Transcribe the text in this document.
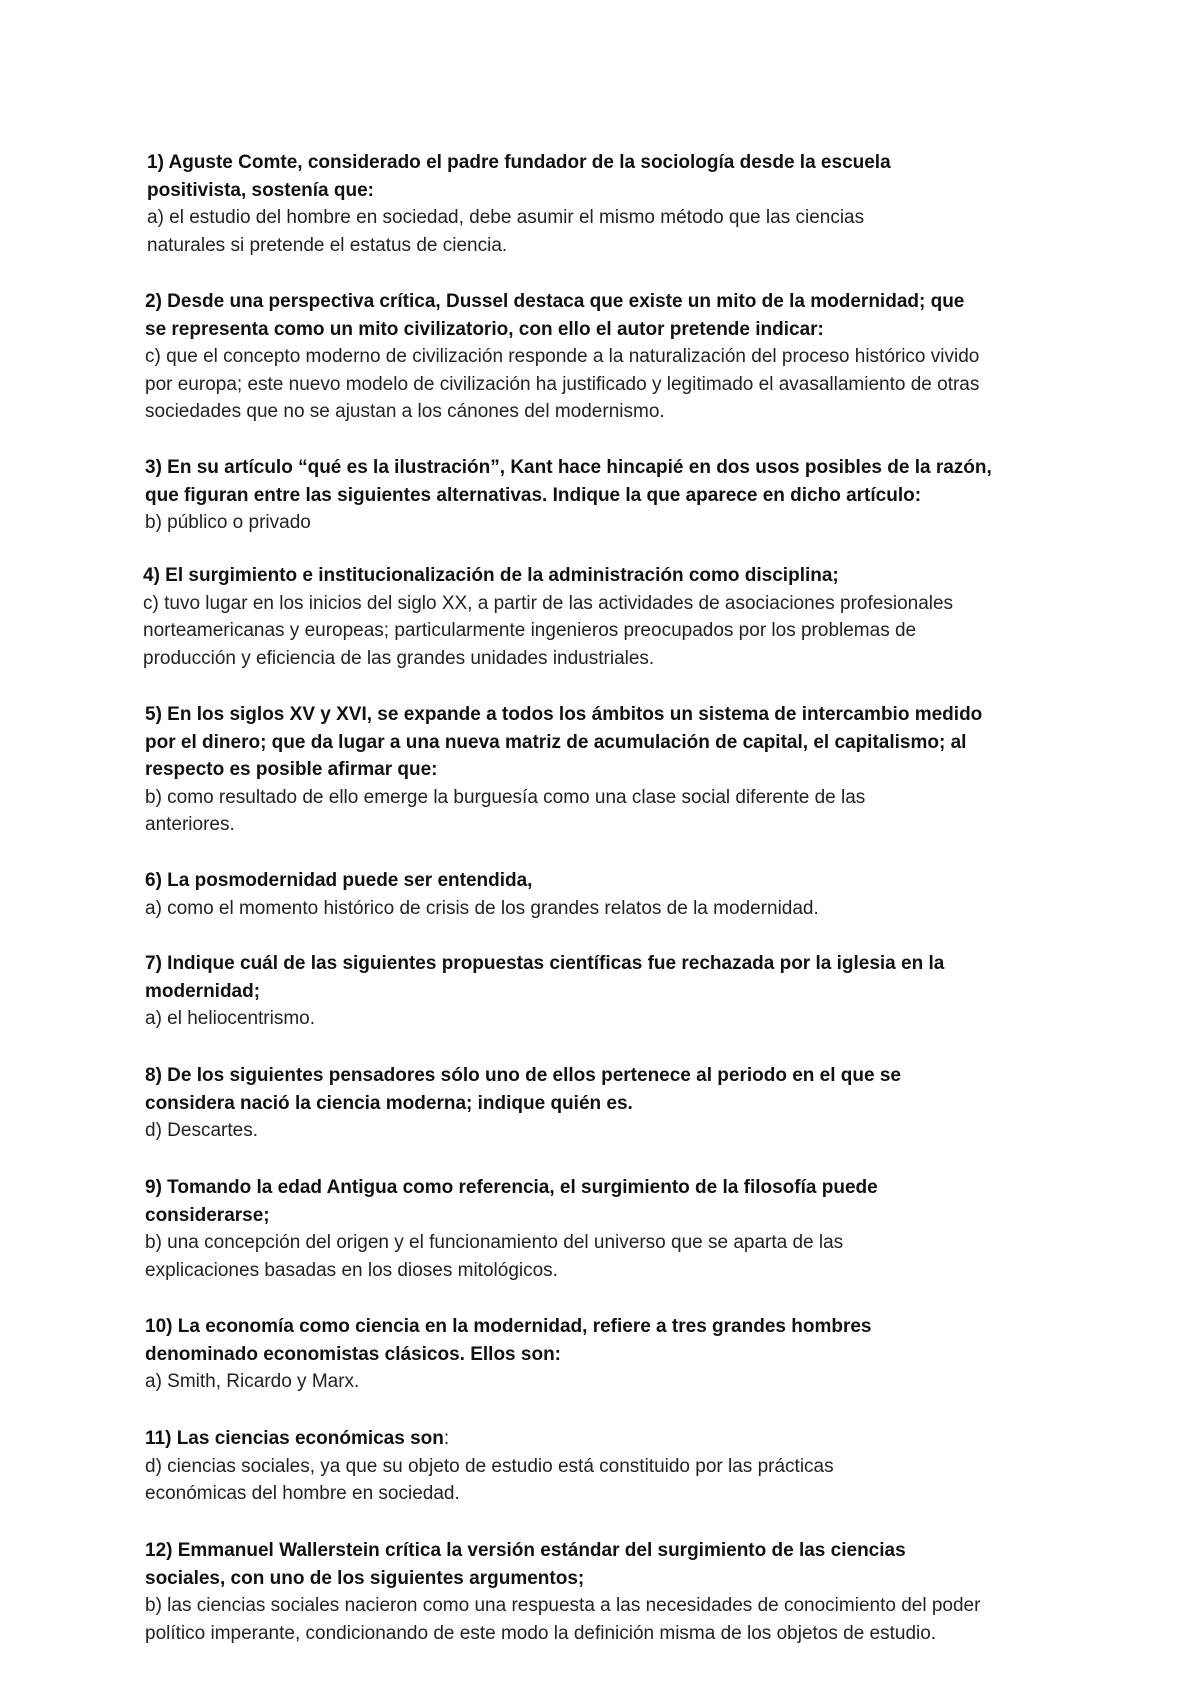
1) Aguste Comte, considerado el padre fundador de la sociología desde la escuela
positivista, sostenía que:
a) el estudio del hombre en sociedad, debe asumir el mismo método que las ciencias
naturales si pretende el estatus de ciencia.
2) Desde una perspectiva crítica, Dussel destaca que existe un mito de la modernidad; que
se representa como un mito civilizatorio, con ello el autor pretende indicar:
c) que el concepto moderno de civilización responde a la naturalización del proceso histórico vivido
por europa; este nuevo modelo de civilización ha justificado y legitimado el avasallamiento de otras
sociedades que no se ajustan a los cánones del modernismo.
3) En su artículo “qué es la ilustración”, Kant hace hincapié en dos usos posibles de la razón,
que figuran entre las siguientes alternativas. Indique la que aparece en dicho artículo:
b) público o privado
4) El surgimiento e institucionalización de la administración como disciplina;
c) tuvo lugar en los inicios del siglo XX, a partir de las actividades de asociaciones profesionales
norteamericanas y europeas; particularmente ingenieros preocupados por los problemas de
producción y eficiencia de las grandes unidades industriales.
5) En los siglos XV y XVI, se expande a todos los ámbitos un sistema de intercambio medido
por el dinero; que da lugar a una nueva matriz de acumulación de capital, el capitalismo; al
respecto es posible afirmar que:
b) como resultado de ello emerge la burguesía como una clase social diferente de las
anteriores.
6) La posmodernidad puede ser entendida,
a) como el momento histórico de crisis de los grandes relatos de la modernidad.
7) Indique cuál de las siguientes propuestas científicas fue rechazada por la iglesia en la
modernidad;
a) el heliocentrismo.
8) De los siguientes pensadores sólo uno de ellos pertenece al periodo en el que se
considera nació la ciencia moderna; indique quién es.
d) Descartes.
9) Tomando la edad Antigua como referencia, el surgimiento de la filosofía puede
considerarse;
b) una concepción del origen y el funcionamiento del universo que se aparta de las
explicaciones basadas en los dioses mitológicos.
10) La economía como ciencia en la modernidad, refiere a tres grandes hombres
denominado economistas clásicos. Ellos son:
a) Smith, Ricardo y Marx.
11) Las ciencias económicas son:
d) ciencias sociales, ya que su objeto de estudio está constituido por las prácticas
económicas del hombre en sociedad.
12) Emmanuel Wallerstein crítica la versión estándar del surgimiento de las ciencias
sociales, con uno de los siguientes argumentos;
b) las ciencias sociales nacieron como una respuesta a las necesidades de conocimiento del poder
político imperante, condicionando de este modo la definición misma de los objetos de estudio.
